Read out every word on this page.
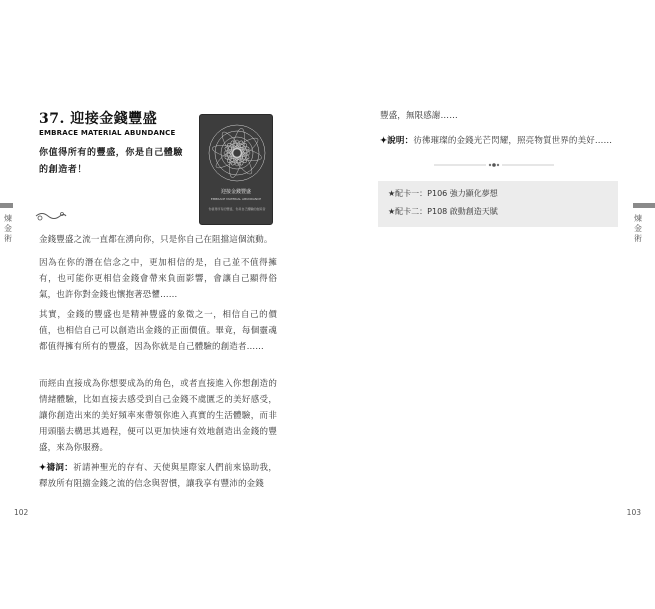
煉金術
煉金術
37. 迎接金錢豐盛
EMBRACE MATERIAL ABUNDANCE
你值得所有的豐盛，你是自己體驗的創造者！
迎接金錢豐盛
EMBRACE MATERIAL ABUNDANCE
你值得所有的豐盛，你是自己體驗的創造者

金錢豐盛之流一直都在湧向你，只是你自己在阻擋這個流動。

因為在你的潛在信念之中，更加相信的是，自己並不值得擁有，也可能你更相信金錢會帶來負面影響，會讓自己顯得俗氣，也許你對金錢也懷抱著恐懼……

其實，金錢的豐盛也是精神豐盛的象徵之一，相信自己的價值，也相信自己可以創造出金錢的正面價值。畢竟，每個靈魂都值得擁有所有的豐盛，因為你就是自己體驗的創造者……

而經由直接成為你想要成為的角色，或者直接進入你想創造的情緒體驗，比如直接去感受到自己金錢不虞匱乏的美好感受，讓你創造出來的美好頻率來帶領你進入真實的生活體驗，而非用頭腦去構思其過程，便可以更加快速有效地創造出金錢的豐盛，來為你服務。

✦禱詞：祈請神聖光的存有、天使與星際家人們前來協助我，釋放所有阻擋金錢之流的信念與習慣，讓我享有豐沛的金錢

102

豐盛，無限感謝……

✦說明：彷彿璀璨的金錢光芒閃耀，照亮物質世界的美好……

★配卡一：P106 強力顯化夢想
★配卡二：P108 啟動創造天賦
103
